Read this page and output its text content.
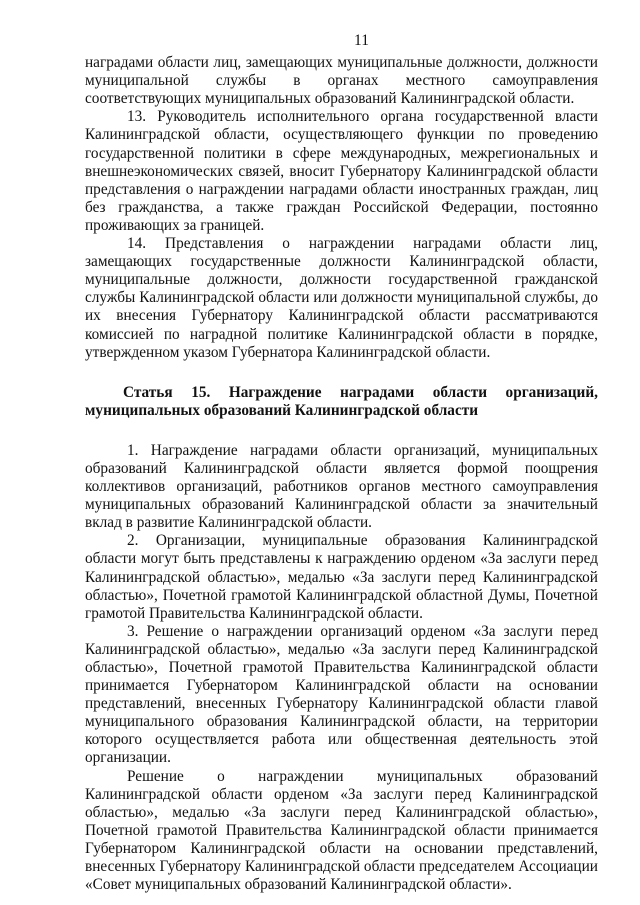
11

наградами области лиц, замещающих муниципальные должности, должности муниципальной службы в органах местного самоуправления соответствующих муниципальных образований Калининградской области.

13. Руководитель исполнительного органа государственной власти Калининградской области, осуществляющего функции по проведению государственной политики в сфере международных, межрегиональных и внешнеэкономических связей, вносит Губернатору Калининградской области представления о награждении наградами области иностранных граждан, лиц без гражданства, а также граждан Российской Федерации, постоянно проживающих за границей.

14. Представления о награждении наградами области лиц, замещающих государственные должности Калининградской области, муниципальные должности, должности государственной гражданской службы Калининградской области или должности муниципальной службы, до их внесения Губернатору Калининградской области рассматриваются комиссией по наградной политике Калининградской области в порядке, утвержденном указом Губернатора Калининградской области.

Статья 15. Награждение наградами области организаций, муниципальных образований Калининградской области

1. Награждение наградами области организаций, муниципальных образований Калининградской области является формой поощрения коллективов организаций, работников органов местного самоуправления муниципальных образований Калининградской области за значительный вклад в развитие Калининградской области.

2. Организации, муниципальные образования Калининградской области могут быть представлены к награждению орденом «За заслуги перед Калининградской областью», медалью «За заслуги перед Калининградской областью», Почетной грамотой Калининградской областной Думы, Почетной грамотой Правительства Калининградской области.

3. Решение о награждении организаций орденом «За заслуги перед Калининградской областью», медалью «За заслуги перед Калининградской областью», Почетной грамотой Правительства Калининградской области принимается Губернатором Калининградской области на основании представлений, внесенных Губернатору Калининградской области главой муниципального образования Калининградской области, на территории которого осуществляется работа или общественная деятельность этой организации.

Решение о награждении муниципальных образований Калининградской области орденом «За заслуги перед Калининградской областью», медалью «За заслуги перед Калининградской областью», Почетной грамотой Правительства Калининградской области принимается Губернатором Калининградской области на основании представлений, внесенных Губернатору Калининградской области председателем Ассоциации «Совет муниципальных образований Калининградской области».
